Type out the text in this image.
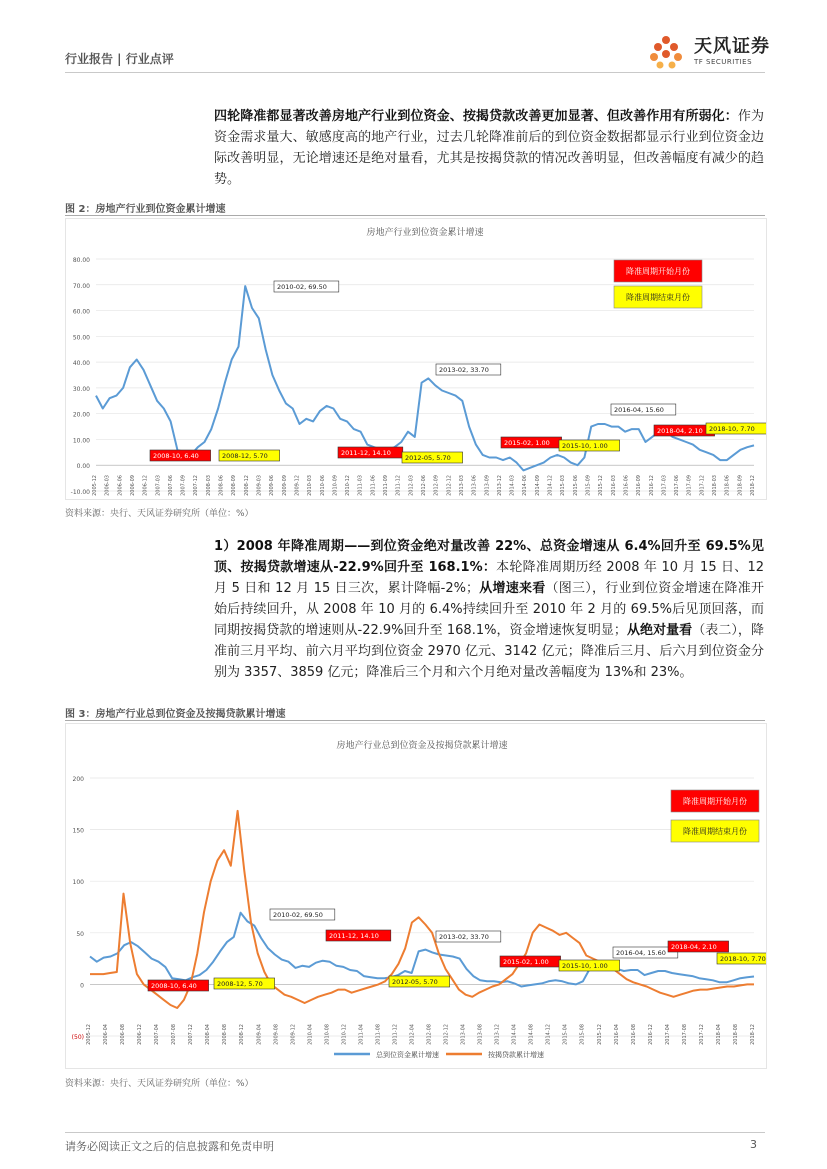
行业报告 | 行业点评
天风证券
TF SECURITIES
四轮降准都显著改善房地产行业到位资金、按揭贷款改善更加显著、但改善作用有所弱化：作为资金需求量大、敏感度高的地产行业，过去几轮降准前后的到位资金数据都显示行业到位资金边际改善明显，无论增速还是绝对量看，尤其是按揭贷款的情况改善明显，但改善幅度有减少的趋势。
图 2：房地产行业到位资金累计增速
房地产行业到位资金累计增速
80.00
70.00
60.00
50.00
40.00
30.00
20.00
10.00
0.00
-10.00 2005-12 2006-03 2006-06 2006-09 2006-12 2007-03 2007-06 2007-09 2007-12 2008-03 2008-06 2008-09 2008-12 2009-03 2009-06 2009-09 2009-12 2010-03 2010-06 2010-09 2010-12 2011-03 2011-06 2011-09 2011-12 2012-03 2012-06 2012-09 2012-12 2013-03 2013-06 2013-09 2013-12 2014-03 2014-06 2014-09 2014-12 2015-03 2015-06 2015-09 2015-12 2016-03 2016-06 2016-09 2016-12 2017-03 2017-06 2017-09 2017-12 2018-03 2018-06 2018-09 2018-12
2010-02, 69.50
2013-02, 33.70
2016-04, 15.60
2008-10, 6.40	2008-12, 5.70	2011-12, 14.10
2012-05, 5.70
2015-02, 1.00 2015-10, 1.00
2018-04, 2.10 2018-10, 7.70
降准周期开始月份
降准周期结束月份
资料来源：央行、天风证券研究所（单位：%）
1）2008 年降准周期——到位资金绝对量改善 22%、总资金增速从 6.4%回升至 69.5%见顶、按揭贷款增速从-22.9%回升至 168.1%：本轮降准周期历经 2008 年 10 月 15 日、12 月 5 日和 12 月 15 日三次，累计降幅-2%；从增速来看（图三），行业到位资金增速在降准开始后持续回升，从 2008 年 10 月的 6.4%持续回升至 2010 年 2 月的 69.5%后见顶回落，而同期按揭贷款的增速则从-22.9%回升至 168.1%，资金增速恢复明显；从绝对量看（表二），降准前三月平均、前六月平均到位资金 2970 亿元、3142 亿元；降准后三月、后六月到位资金分别为 3357、3859 亿元；降准后三个月和六个月绝对量改善幅度为 13%和 23%。
图 3：房地产行业总到位资金及按揭贷款累计增速
房地产行业总到位资金及按揭贷款累计增速
200
150
100
50
0
(50) 2005-12 2006-04 2006-08 2006-12 2007-04 2007-08 2007-12 2008-04 2008-08 2008-12 2009-04 2009-08 2009-12 2010-04 2010-08 2010-12 2011-04 2011-08 2011-12 2012-04 2012-08 2012-12 2013-04 2013-08 2013-12 2014-04 2014-08 2014-12 2015-04 2015-08 2015-12 2016-04 2016-08 2016-12 2017-04 2017-08 2017-12 2018-04 2018-08 2018-12
2010-02, 69.50
2013-02, 33.70
2016-04, 15.60
2008-10, 6.40	2008-12, 5.70
2011-12, 14.10
2012-05, 5.70
2015-02, 1.00 2015-10, 1.00
2018-04, 2.10
2018-10, 7.70
降准周期开始月份
降准周期结束月份
总到位资金累计增速	按揭贷款累计增速
资料来源：央行、天风证券研究所（单位：%）
请务必阅读正文之后的信息披露和免责申明	3
